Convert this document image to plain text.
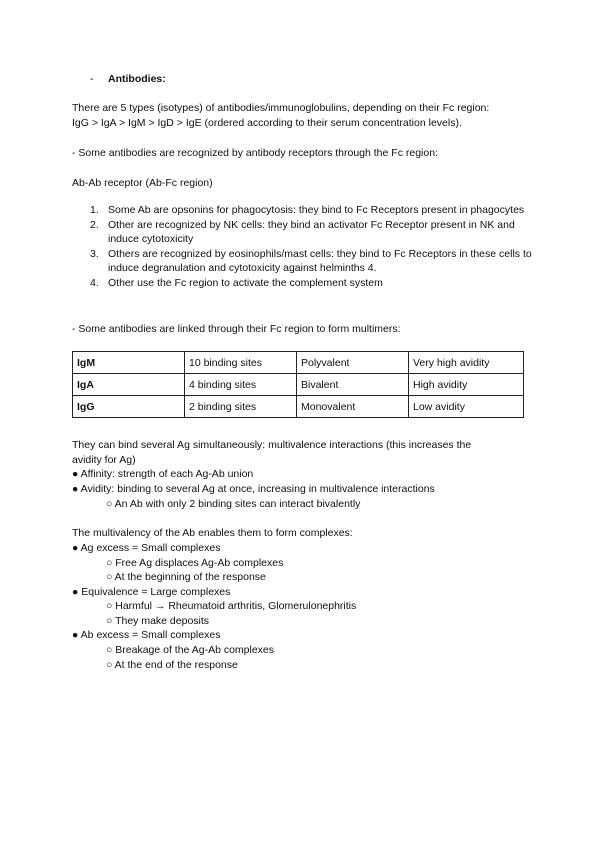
- Antibodies:
There are 5 types (isotypes) of antibodies/immunoglobulins, depending on their Fc region:
IgG > IgA > IgM > IgD > IgE (ordered according to their serum concentration levels).
- Some antibodies are recognized by antibody receptors through the Fc region:
Ab-Ab receptor (Ab-Fc region)
1. Some Ab are opsonins for phagocytosis: they bind to Fc Receptors present in phagocytes
2. Other are recognized by NK cells: they bind an activator Fc Receptor present in NK and induce cytotoxicity
3. Others are recognized by eosinophils/mast cells: they bind to Fc Receptors in these cells to induce degranulation and cytotoxicity against helminths 4.
4. Other use the Fc region to activate the complement system
- Some antibodies are linked through their Fc region to form multimers:
IgM	10 binding sites	Polyvalent	Very high avidity
IgA	4 binding sites	Bivalent	High avidity
IgG	2 binding sites	Monovalent	Low avidity
They can bind several Ag simultaneously: multivalence interactions (this increases the
avidity for Ag)
● Affinity: strength of each Ag-Ab union
● Avidity: binding to several Ag at once, increasing in multivalence interactions
○ An Ab with only 2 binding sites can interact bivalently
The multivalency of the Ab enables them to form complexes:
● Ag excess = Small complexes
○ Free Ag displaces Ag-Ab complexes
○ At the beginning of the response
● Equivalence = Large complexes
○ Harmful → Rheumatoid arthritis, Glomerulonephritis
○ They make deposits
● Ab excess = Small complexes
○ Breakage of the Ag-Ab complexes
○ At the end of the response
